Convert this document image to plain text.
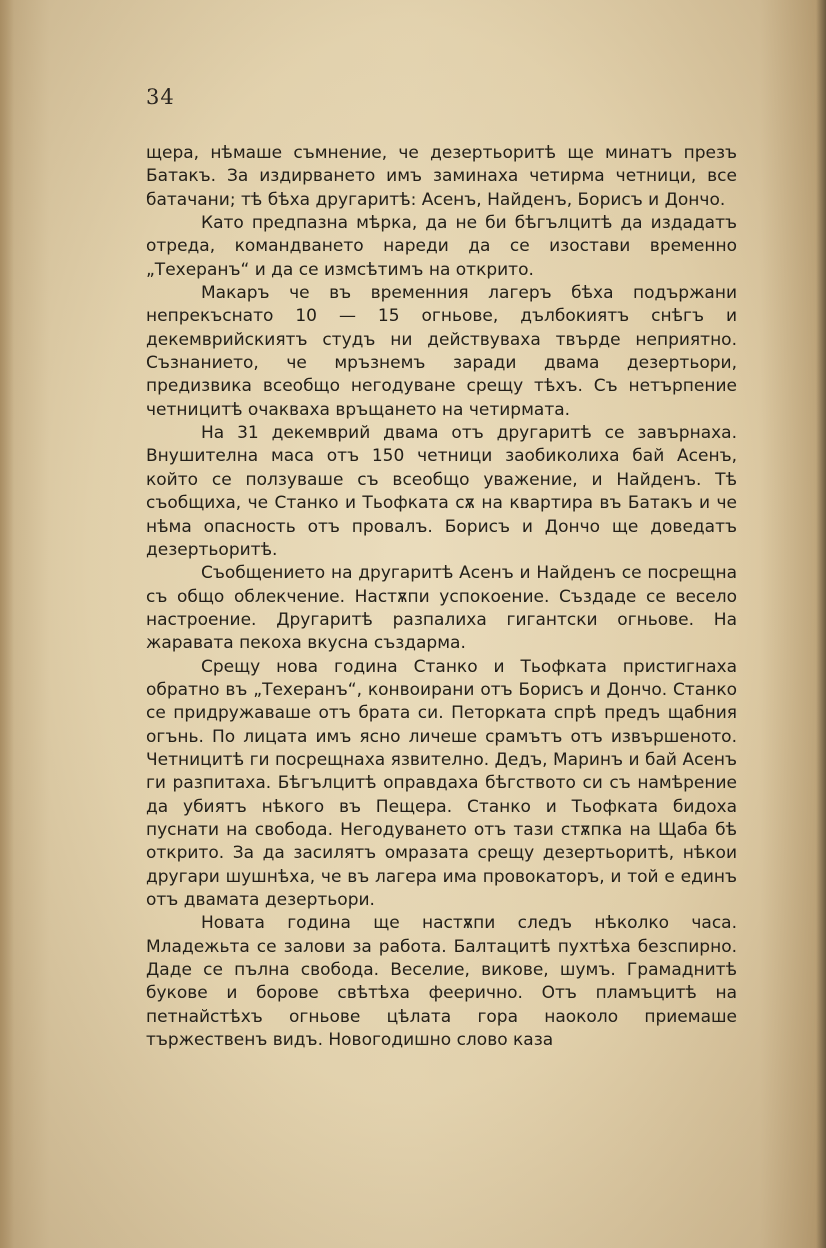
34

щера, нѣмаше съмнение, че дезертьоритѣ ще минатъ презъ Батакъ. За издирването имъ заминаха четирма четници, все батачани; тѣ бѣха другаритѣ: Асенъ, Найденъ, Борисъ и Дончо.

Като предпазна мѣрка, да не би бѣгълцитѣ да издадатъ отреда, командването нареди да се изостави временно „Техеранъ“ и да се измсѣтимъ на открито.

Макаръ че въ временния лагеръ бѣха подържани непрекъснато 10 — 15 огньове, дълбокиятъ снѣгъ и декемврийскиятъ студъ ни действуваха твърде неприятно. Съзнанието, че мръзнемъ заради двама дезертьори, предизвика всеобщо негодуване срещу тѣхъ. Съ нетърпение четницитѣ очакваха връщането на четирмата.

На 31 декемврий двама отъ другаритѣ се завърнаха. Внушителна маса отъ 150 четници заобиколиха бай Асенъ, който се ползуваше съ всеобщо уважение, и Найденъ. Тѣ съобщиха, че Станко и Тьофката сѫ на квартира въ Батакъ и че нѣма опасность отъ провалъ. Борисъ и Дончо ще доведатъ дезертьоритѣ.

Съобщението на другаритѣ Асенъ и Найденъ се посрещна съ общо облекчение. Настѫпи успокоение. Създаде се весело настроение. Другаритѣ разпалиха гигантски огньове. На жаравата пекоха вкусна създарма.

Срещу нова година Станко и Тьофката пристигнаха обратно въ „Техеранъ“, конвоирани отъ Борисъ и Дончо. Станко се придружаваше отъ брата си. Петорката спрѣ предъ щабния огънь. По лицата имъ ясно личеше срамътъ отъ извършеното. Четницитѣ ги посрещнаха язвително. Дедъ, Маринъ и бай Асенъ ги разпитаха. Бѣгълцитѣ оправдаха бѣгството си съ намѣрение да убиятъ нѣкого въ Пещера. Станко и Тьофката бидоха пуснати на свобода. Негодуването отъ тази стѫпка на Щаба бѣ открито. За да засилятъ омразата срещу дезертьоритѣ, нѣкои другари шушнѣха, че въ лагера има провокаторъ, и той е единъ отъ двамата дезертьори.

Новата година ще настѫпи следъ нѣколко часа. Младежьта се залови за работа. Балтацитѣ пухтѣха безспирно. Даде се пълна свобода. Веселие, викове, шумъ. Грамаднитѣ букове и борове свѣтѣха феерично. Отъ пламъцитѣ на петнайстѣхъ огньове цѣлата гора наоколо приемаше тържественъ видъ. Новогодишно слово каза
